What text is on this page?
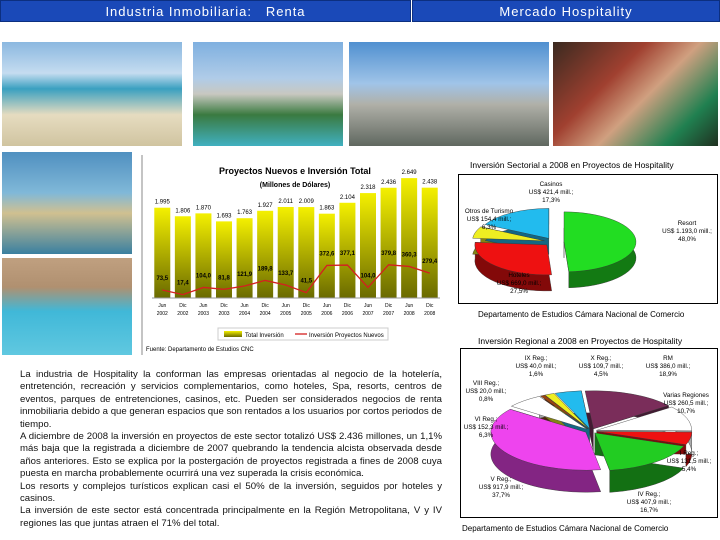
Industria Inmobiliaria:
Renta	Mercado Hospitality
Proyectos Nuevos e Inversión Total
(Millones de Dólares)
1.995
73,5
Jun
2002
1.806
17,4
Dic
2002
1.870
104,0
Jun
2003
1.693
81,8
Dic
2003
1.763
121,9
Jun
2004
1.927
189,8
Dic
2004
2.011
133,7
Jun
2005
2.009
41,5
Dic
2005
1.863
372,6
Jun
2006
2.104
377,1
Dic
2006
2.318
104,0
Jun
2007
2.436
379,8
Dic
2007
2.649
360,3
Jun
2008
2.438
279,4
Dic
2008
Total Inversión	Inversión Proyectos Nuevos
Fuente: Departamento de Estudios CNC
Inversión Sectorial a 2008 en Proyectos de Hospitality
Resort
US$ 1.193,0 mill.;
48,0%
Hoteles
US$ 669,0 mill.;
27,5%
Otros de Turismo
US$ 154,4 mill.;
6,3%
Casinos
US$ 421,4 mill.;
17,3%
Departamento de Estudios Cámara Nacional de Comercio
Inversión Regional a 2008 en Proyectos de Hospitality
RM
US$ 386,0 mill.;
18,9%
Varias Regiones
US$ 260,5 mill.;
10,7%
I Reg.;
US$ 131,5 mill.;
5,4%
IV Reg.;
US$ 407,9 mill.;
16,7%
V Reg.;
US$ 917,9 mill.;
37,7%
VI Reg.;
US$ 152,3 mill.;
6,3%
VIII Reg.;
US$ 20,0 mill.;
0,8%
IX Reg.;
US$ 40,0 mill.;
1,6%
X Reg.;
US$ 109,7 mill.;
4,5%
Departamento de Estudios Cámara Nacional de Comercio

La industria de Hospitality la conforman las empresas orientadas al negocio de la hotelería, entretención, recreación y servicios complementarios, como hoteles, Spa, resorts, centros de eventos, parques de entretenciones, casinos, etc. Pueden ser considerados negocios de renta inmobiliaria debido a que generan espacios que son rentados a los usuarios por cortos periodos de tiempo.

A diciembre de 2008 la inversión en proyectos de este sector totalizó US$ 2.436 millones, un 1,1% más baja que la registrada a diciembre de 2007 quebrando la tendencia alcista observada desde años anteriores. Esto se explica por la postergación de proyectos registrada a fines de 2008 cuya puesta en marcha probablemente ocurrirá una vez superada la crisis económica.

Los resorts y complejos turísticos explican casi el 50% de la inversión, seguidos por hoteles y casinos.

La inversión de este sector está concentrada principalmente en la Región Metropolitana, V y IV regiones las que juntas atraen el 71% del total.
